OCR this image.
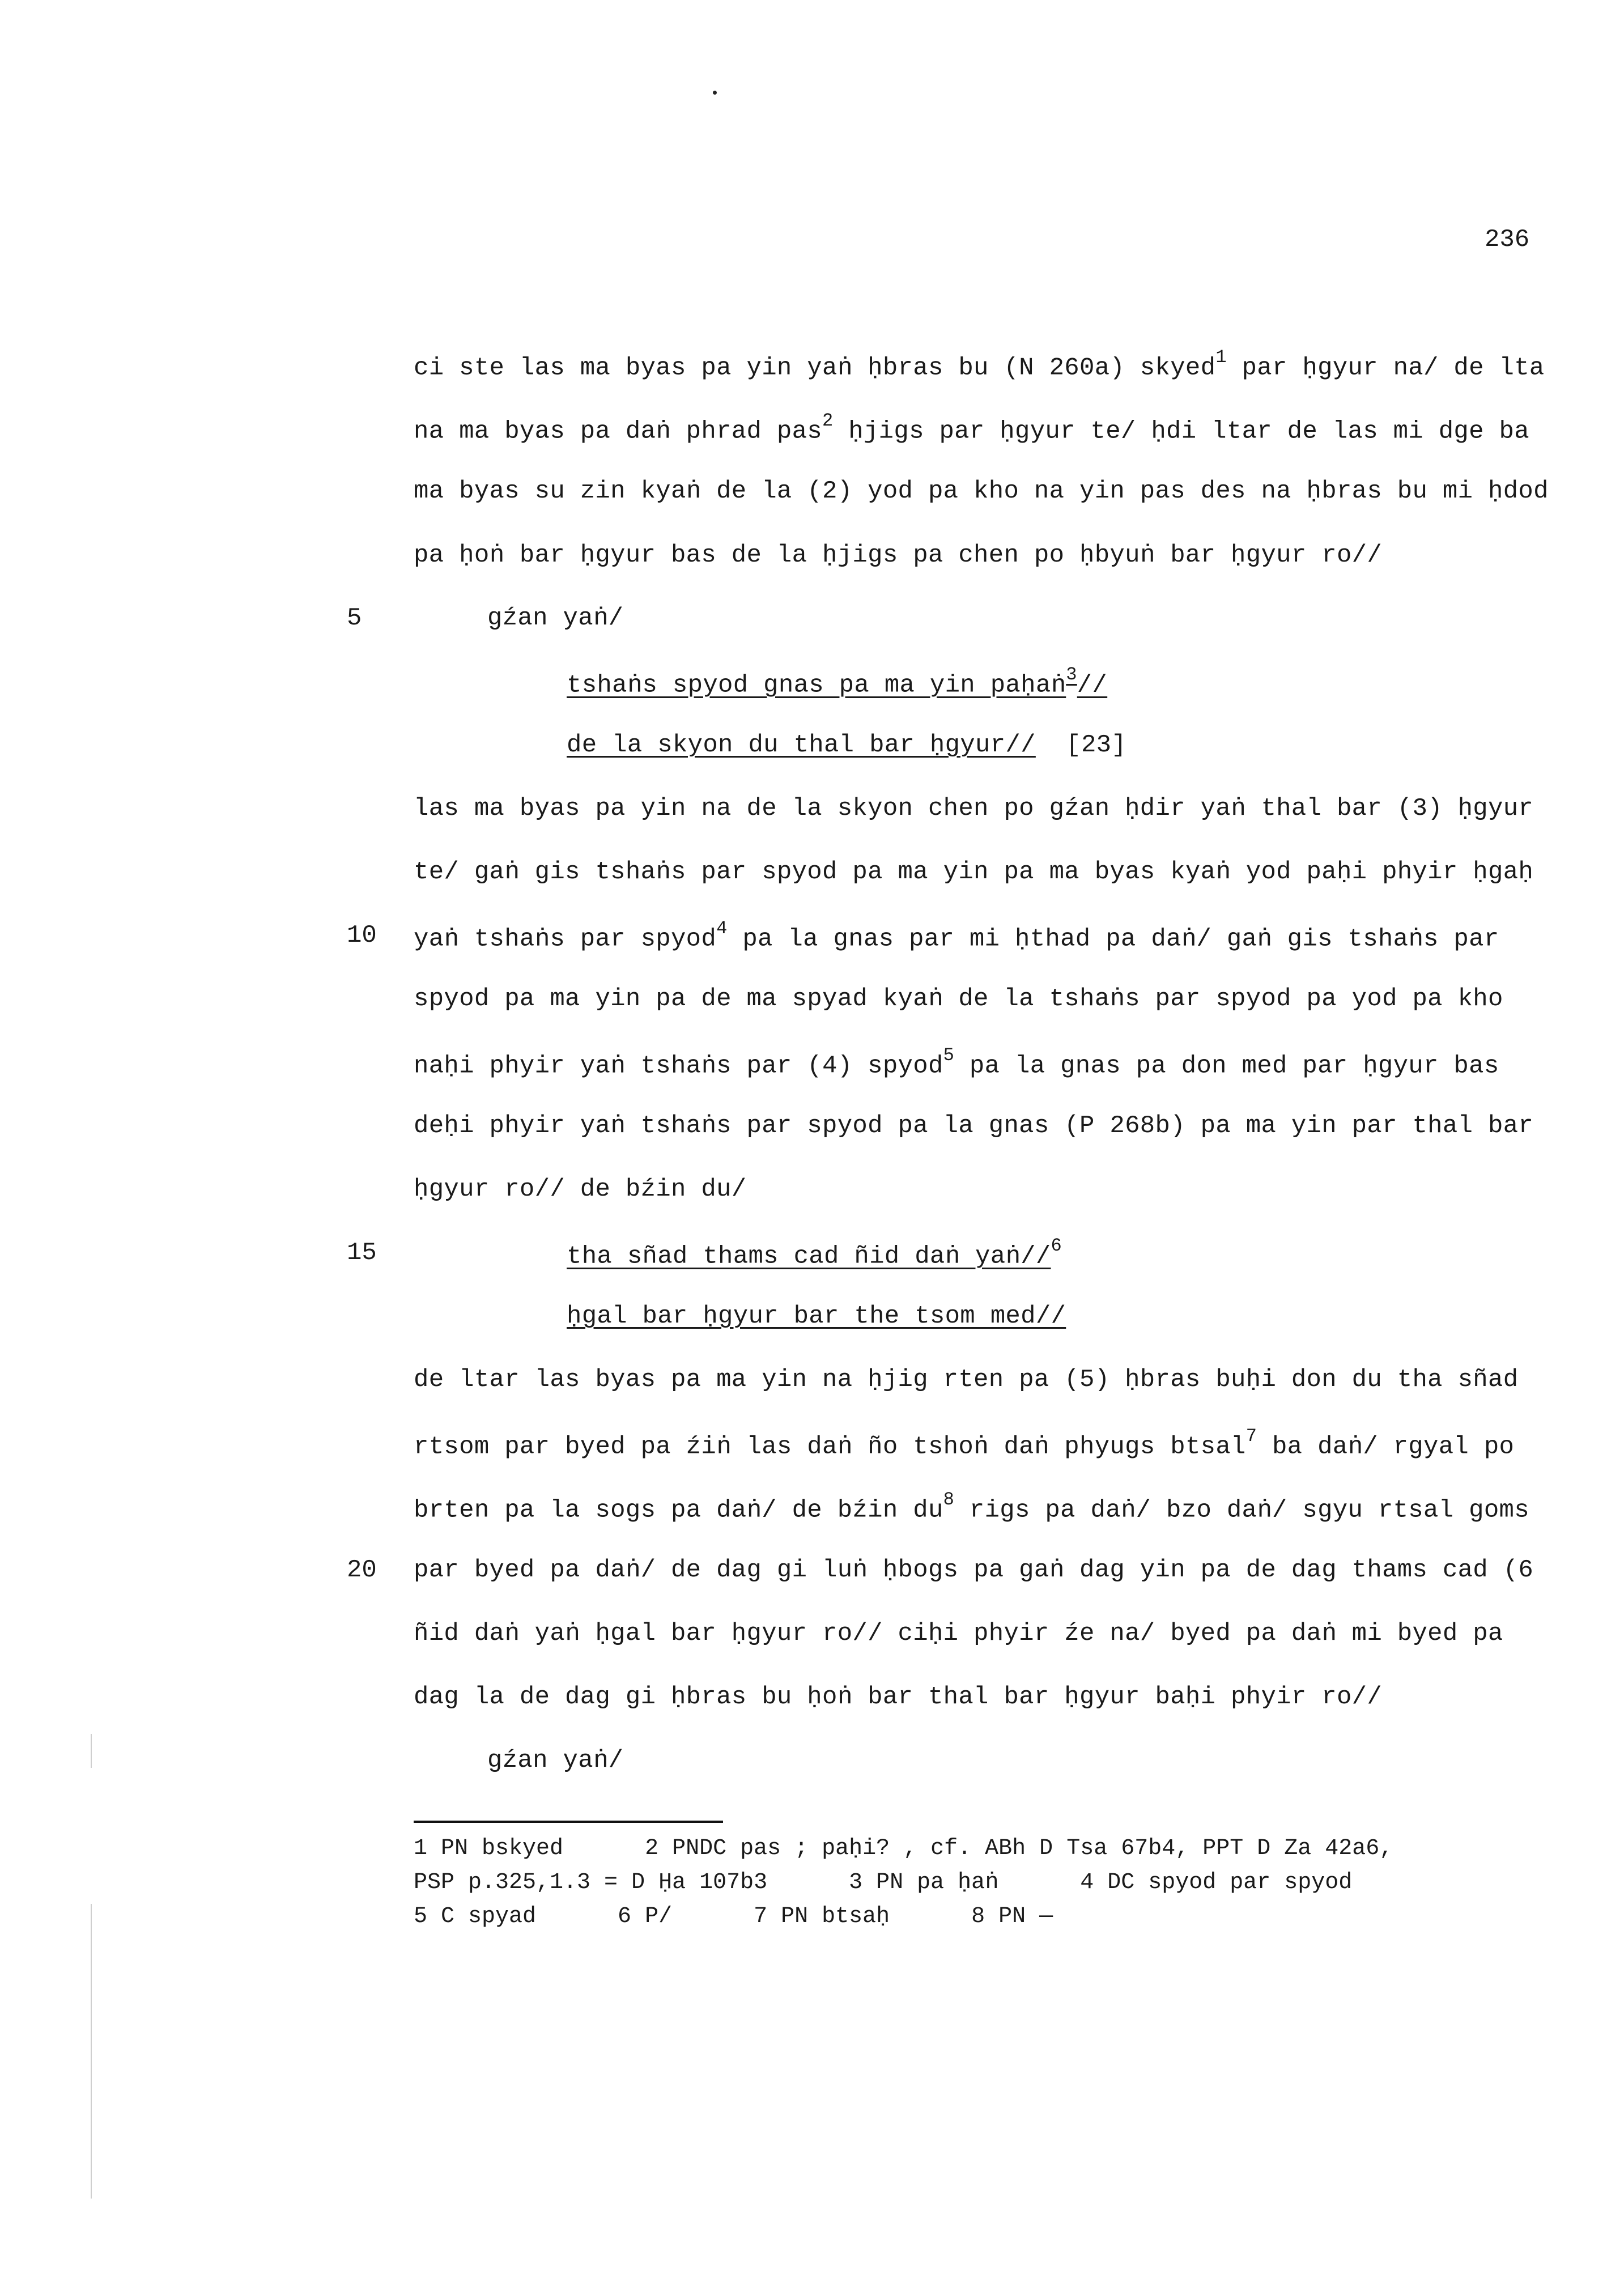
236
ci ste las ma byas pa yin yaṅ ḥbras bu (N 260a) skyed$^1$ par ḥgyur na/ de lta
na ma byas pa daṅ phrad pas$^2$ ḥjigs par ḥgyur te/ ḥdi ltar de las mi dge ba
ma byas su zin kyaṅ de la (2) yod pa kho na yin pas des na ḥbras bu mi ḥdod
pa ḥoṅ bar ḥgyur bas de la ḥjigs pa chen po ḥbyuṅ bar ḥgyur ro//
5	gźan yaṅ/
tshaṅs spyod gnas pa ma yin paḥaṅ$^3$//
de la skyon du thal bar ḥgyur//  [23]
las ma byas pa yin na de la skyon chen po gźan ḥdir yaṅ thal bar (3) ḥgyur
te/ gaṅ gis tshaṅs par spyod pa ma yin pa ma byas kyaṅ yod paḥi phyir ḥgaḥ
10 yaṅ tshaṅs par spyod$^4$ pa la gnas par mi ḥthad pa daṅ/ gaṅ gis tshaṅs par
spyod pa ma yin pa de ma spyad kyaṅ de la tshaṅs par spyod pa yod pa kho
naḥi phyir yaṅ tshaṅs par (4) spyod$^5$ pa la gnas pa don med par ḥgyur bas
deḥi phyir yaṅ tshaṅs par spyod pa la gnas (P 268b) pa ma yin par thal bar
ḥgyur ro// de bźin du/
15	tha sñad thams cad ñid daṅ yaṅ//$^6$
ḥgal bar ḥgyur bar the tsom med//
de ltar las byas pa ma yin na ḥjig rten pa (5) ḥbras buḥi don du tha sñad
rtsom par byed pa źiṅ las daṅ ño tshoṅ daṅ phyugs btsal$^7$ ba daṅ/ rgyal po
brten pa la sogs pa daṅ/ de bźin $du^8$ rigs pa daṅ/ bzo daṅ/ sgyu rtsal goms
20 par byed pa daṅ/ de dag gi luṅ ḥbogs pa gaṅ dag yin pa de dag thams cad (6
ñid daṅ yaṅ ḥgal bar ḥgyur ro// ciḥi phyir źe na/ byed pa daṅ mi byed pa
dag la de dag gi ḥbras bu ḥoṅ bar thal bar ḥgyur baḥi phyir ro//
gźan yaṅ/
1 PN bskyed      2 PNDC pas ; paḥi? , cf. ABh D Tsa 67b4, PPT D Za 42a6,
PSP p.325,1.3 = D Ḥa 107b3      3 PN pa ḥaṅ      4 DC spyod par spyod
5 C spyad      6 P/      7 PN btsaḥ      8 PN —
